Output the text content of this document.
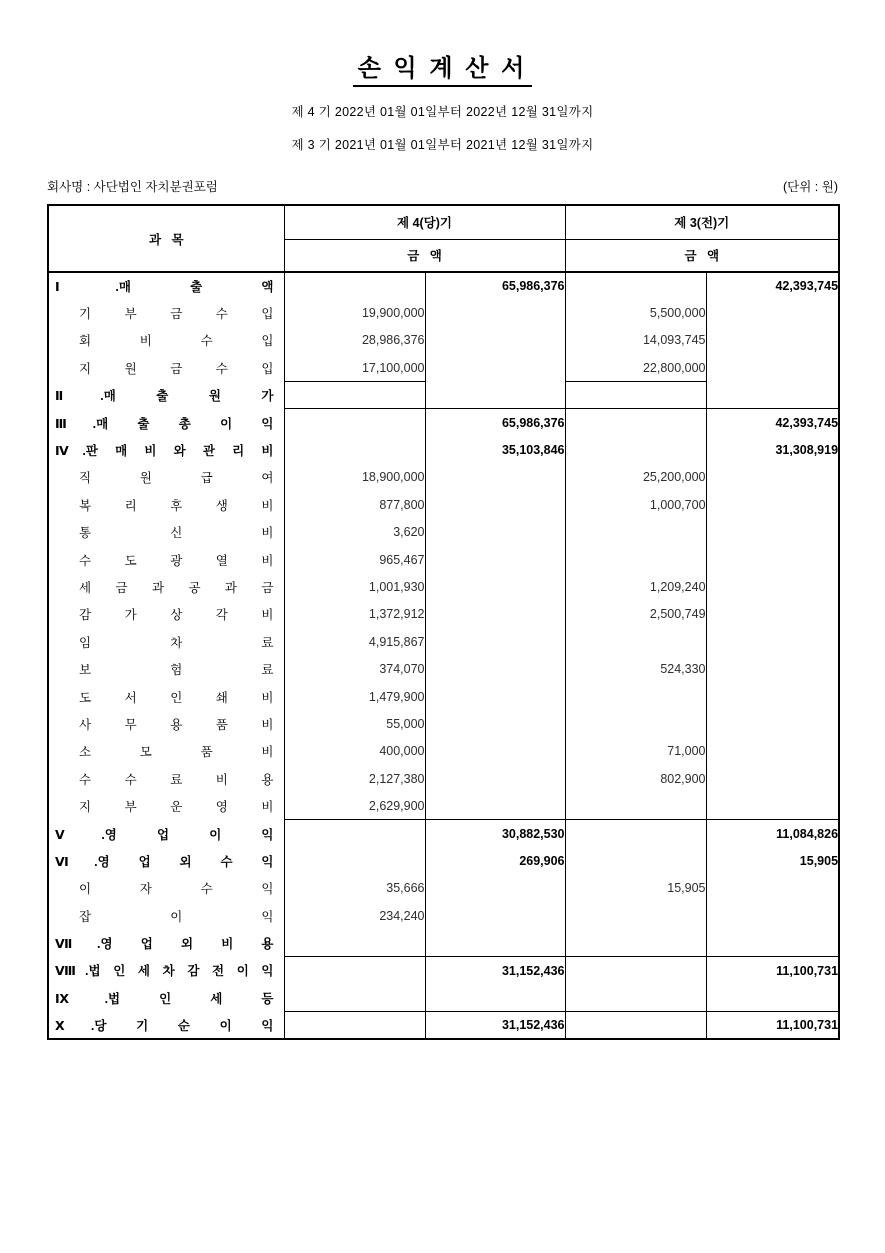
손 익 계 산 서
제 4 기 2022년 01월 01일부터 2022년 12월 31일까지
제 3 기 2021년 01월 01일부터 2021년 12월 31일까지
회사명 : 사단법인 자치분권포럼	(단위 : 원)
과   목	제 4(당)기		제 3(전)기	
	금   액		금   액	

Ⅰ.매 출 액		65,986,376		42,393,745

기 부 금 수 입	19,900,000		5,500,000	

회 비 수 입	28,986,376		14,093,745	

지 원 금 수 입	17,100,000		22,800,000	

Ⅱ.매 출 원 가				

Ⅲ.매 출 총 이 익		65,986,376		42,393,745

Ⅳ.판 매 비 와 관 리 비		35,103,846		31,308,919

직 원 급 여	18,900,000		25,200,000	

복 리 후 생 비	877,800		1,000,700	

통 신 비	3,620			

수 도 광 열 비	965,467			

세 금 과 공 과 금	1,001,930		1,209,240	

감 가 상 각 비	1,372,912		2,500,749	

임 차 료	4,915,867			

보 험 료	374,070		524,330	

도 서 인 쇄 비	1,479,900			

사 무 용 품 비	55,000			

소 모 품 비	400,000		71,000	

수 수 료 비 용	2,127,380		802,900	

지 부 운 영 비	2,629,900			

Ⅴ.영 업 이 익		30,882,530		11,084,826

Ⅵ.영 업 외 수 익		269,906		15,905

이 자 수 익	35,666		15,905	

잡 이 익	234,240			

Ⅶ.영 업 외 비 용				

Ⅷ.법 인 세 차 감 전 이 익		31,152,436		11,100,731

Ⅸ.법 인 세 등				

Ⅹ.당 기 순 이 익		31,152,436		11,100,731
